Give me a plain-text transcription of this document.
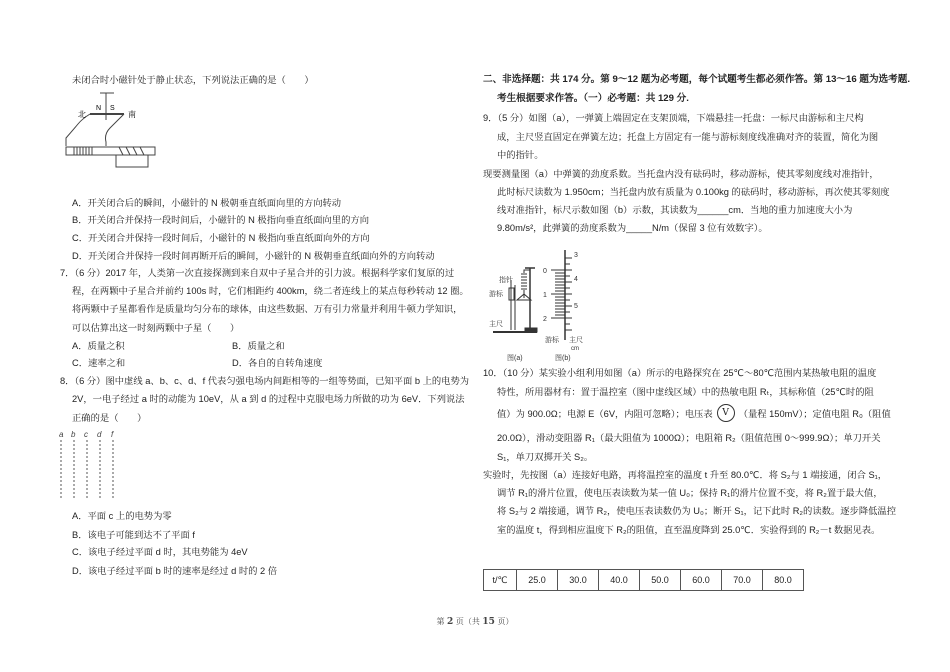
未闭合时小磁针处于静止状态，下列说法正确的是（　　）
北	南
N S
A．开关闭合后的瞬间，小磁针的 N 极朝垂直纸面向里的方向转动
B．开关闭合并保持一段时间后，小磁针的 N 极指向垂直纸面向里的方向
C．开关闭合并保持一段时间后，小磁针的 N 极指向垂直纸面向外的方向
D．开关闭合并保持一段时间再断开后的瞬间，小磁针的 N 极朝垂直纸面向外的方向转动
7．（6 分）2017 年，人类第一次直接探测到来自双中子星合并的引力波。根据科学家们复原的过
程，在两颗中子星合并前约 100s 时，它们相距约 400km，绕二者连线上的某点每秒转动 12 圈。
将两颗中子星都看作是质量均匀分布的球体，由这些数据、万有引力常量并利用牛顿力学知识，
可以估算出这一时刻两颗中子星（　　）
A．质量之积	B．质量之和
C．速率之和	D．各自的自转角速度
8．（6 分）图中虚线 a、b、c、d、f 代表匀强电场内间距相等的一组等势面，已知平面 b 上的电势为
2V，一电子经过 a 时的动能为 10eV，从 a 到 d 的过程中克服电场力所做的功为 6eV．下列说法
正确的是（　　）
a b c d f
A．平面 c 上的电势为零
B．该电子可能到达不了平面 f
C．该电子经过平面 d 时，其电势能为 4eV
D．该电子经过平面 b 时的速率是经过 d 时的 2 倍
二、非选择题：共 174 分。第 9～12 题为必考题，每个试题考生都必须作答。第 13～16 题为选考题.
考生根据要求作答。（一）必考题：共 129 分.
9．（5 分）如图（a），一弹簧上端固定在支架顶端，下端悬挂一托盘：一标尺由游标和主尺构
成，主尺竖直固定在弹簧左边；托盘上方固定有一能与游标刻度线准确对齐的装置，简化为图
中的指针。
现要测量图（a）中弹簧的劲度系数。当托盘内没有砝码时，移动游标，使其零刻度线对准指针，
此时标尺读数为 1.950cm；当托盘内放有质量为 0.100kg 的砝码时，移动游标，再次使其零刻度
线对准指针，标尺示数如图（b）示数，其读数为______cm．当地的重力加速度大小为
9.80m/s²，此弹簧的劲度系数为_____N/m（保留 3 位有效数字）。
指针
游标
主尺
图(a)
0
1
2
3
4
5
游标 主尺
cm
图(b)
10．（10 分）某实验小组利用如图（a）所示的电路探究在 25℃～80℃范围内某热敏电阻的温度
特性，所用器材有：置于温控室（图中虚线区域）中的热敏电阻 Rₜ，其标称值（25℃时的阻
值）为 900.0Ω；电源 E（6V，内阻可忽略）；电压表	V	（量程 150mV）；定值电阻 R₀（阻值
20.0Ω），滑动变阻器 R₁（最大阻值为 1000Ω）；电阻箱 R₂（阻值范围 0～999.9Ω）；单刀开关
S₁，单刀双掷开关 S₂。
实验时，先按图（a）连接好电路，再将温控室的温度 t 升至 80.0℃．将 S₂与 1 端接通，闭合 S₁，
调节 R₁的滑片位置，使电压表读数为某一值 U₀；保持 R₁的滑片位置不变，将 R₂置于最大值，
将 S₂与 2 端接通，调节 R₂，使电压表读数仍为 U₀；断开 S₁，记下此时 R₂的读数。逐步降低温控
室的温度 t，得到相应温度下 R₂的阻值，直至温度降到 25.0℃．实验得到的 R₂－t 数据见表。
t/℃	25.0	30.0	40.0	50.0	60.0	70.0	80.0
第 2 页（共 15 页）
